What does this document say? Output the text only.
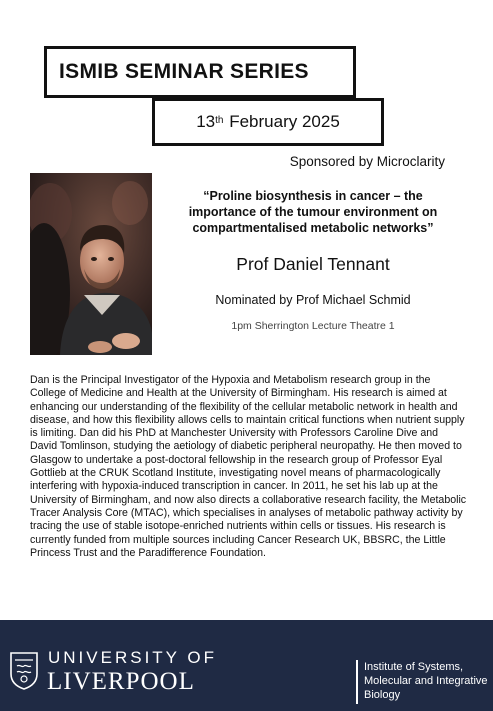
ISMIB SEMINAR SERIES
13th
February 2025
Sponsored by Microclarity
“Proline biosynthesis in cancer – the importance of the tumour environment on compartmentalised metabolic networks”
Prof Daniel Tennant
Nominated by Prof Michael Schmid
1pm Sherrington Lecture Theatre 1
Dan is the Principal Investigator of the Hypoxia and Metabolism research group in the College of Medicine and Health at the University of Birmingham. His research is aimed at enhancing our understanding of the flexibility of the cellular metabolic network in health and disease, and how this flexibility allows cells to maintain critical functions when nutrient supply is limiting. Dan did his PhD at Manchester University with Professors Caroline Dive and David Tomlinson, studying the aetiology of diabetic peripheral neuropathy. He then moved to Glasgow to undertake a post-doctoral fellowship in the research group of Professor Eyal Gottlieb at the CRUK Scotland Institute, investigating novel means of pharmacologically interfering with hypoxia-induced transcription in cancer. In 2011, he set his lab up at the University of Birmingham, and now also directs a collaborative research facility, the Metabolic Tracer Analysis Core (MTAC), which specialises in analyses of metabolic pathway activity by tracing the use of stable isotope-enriched nutrients within cells or tissues. His research is currently funded from multiple sources including Cancer Research UK, BBSRC, the Little Princess Trust and the Paradifference Foundation.
UNIVERSITY OF
LIVERPOOL
Institute of Systems, Molecular and Integrative Biology
